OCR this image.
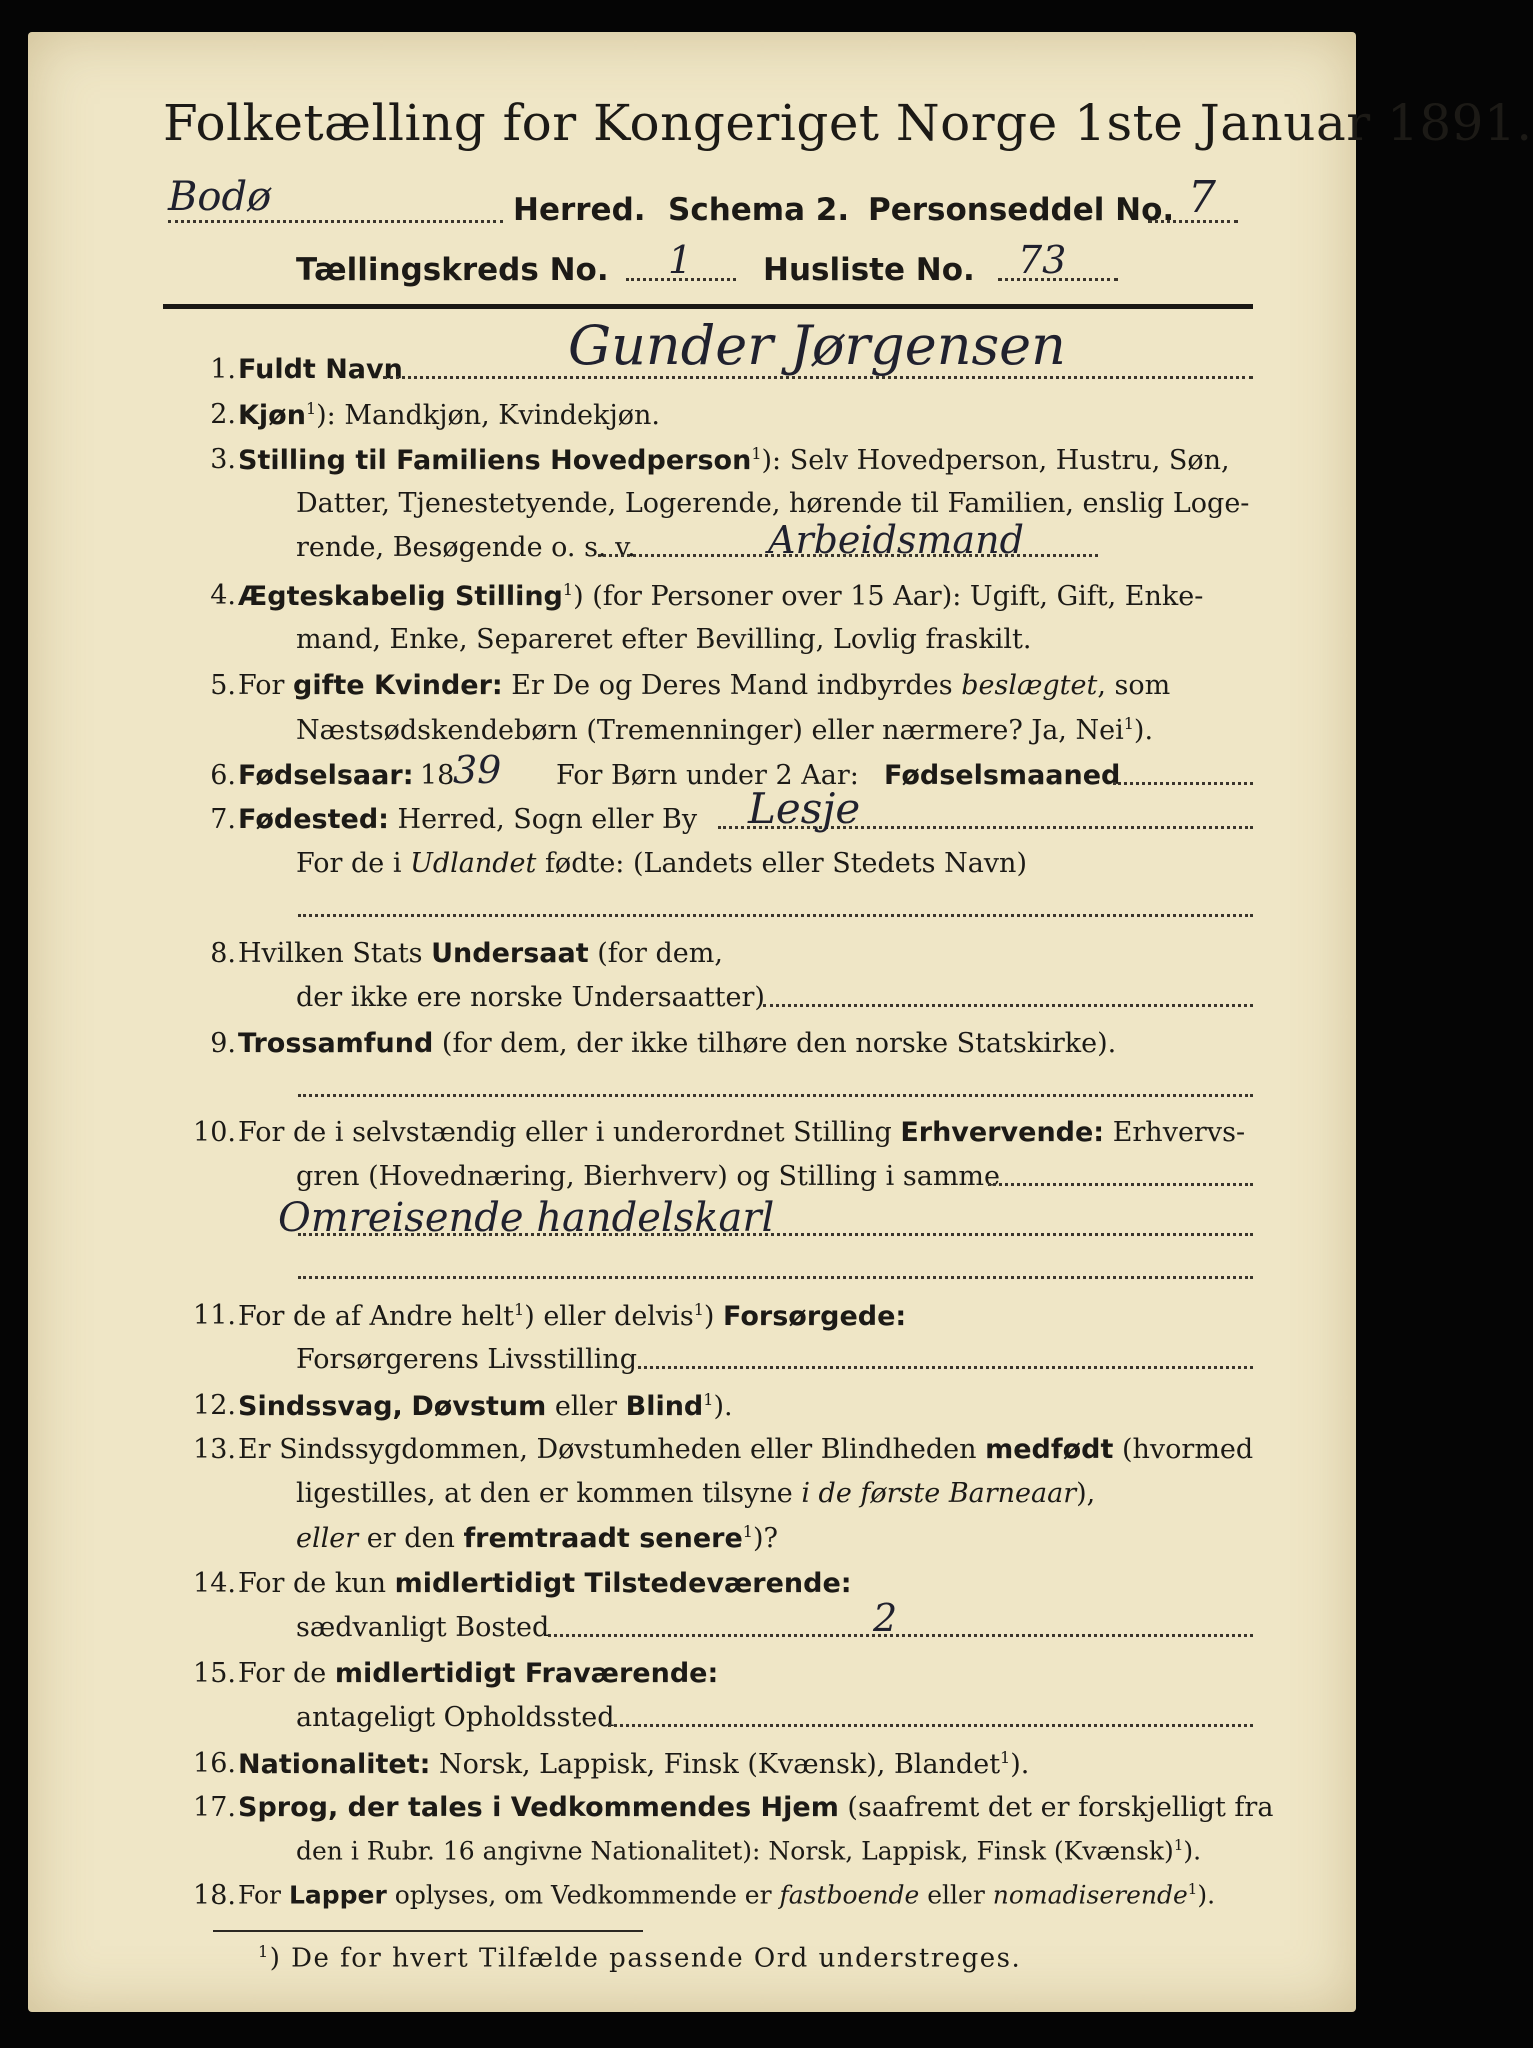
Folketælling for Kongeriget Norge 1ste Januar 1891.
Bodø	Herred. Schema 2. Personseddel No. 7
Tællingskreds No. 1 Husliste No. 73
1. Fuldt Navn	Gunder Jørgensen
2. Kjøn$^1$): Mandkjøn, Kvindekjøn.
3. Stilling til Familiens Hovedperson$^1$): Selv Hovedperson, Hustru, Søn,
Datter, Tjenestetyende, Logerende, hørende til Familien, enslig Loge-
rende, Besøgende o. s. v.	Arbeidsmand
4. Ægteskabelig Stilling$^1$) (for Personer over 15 Aar): Ugift, Gift, Enke-
mand, Enke, Separeret efter Bevilling, Lovlig fraskilt.
5. For gifte Kvinder: Er De og Deres Mand indbyrdes beslægtet, som
Næstsødskendebørn (Tremenninger) eller nærmere? Ja, Nei$^1$).
6. Fødselsaar: 18
39 For Børn under 2 Aar: Fødselsmaaned
7. Fødested: Herred, Sogn eller By Lesje
For de i Udlandet fødte: (Landets eller Stedets Navn)
8. Hvilken Stats Undersaat (for dem,
der ikke ere norske Undersaatter)
9. Trossamfund (for dem, der ikke tilhøre den norske Statskirke).
10. For de i selvstændig eller i underordnet Stilling Erhvervende: Erhvervs-
gren (Hovednæring, Bierhverv) og Stilling i samme
Omreisende handelskarl
11. For de af Andre helt$^1$) eller delvis$^1$) Forsørgede:
Forsørgerens Livsstilling
12. Sindssvag, Døvstum eller Blind$^1$).
13. Er Sindssygdommen, Døvstumheden eller Blindheden medfødt (hvormed
ligestilles, at den er kommen tilsyne i de første Barneaar),
eller er den fremtraadt senere$^1$)?
14. For de kun midlertidigt Tilstedeværende:
sædvanligt Bosted	2
15. For de midlertidigt Fraværende:
antageligt Opholdssted
16. Nationalitet: Norsk, Lappisk, Finsk (Kvænsk), Blandet$^1$).
17. Sprog, der tales i Vedkommendes Hjem (saafremt det er forskjelligt fra
den i Rubr. 16 angivne Nationalitet): Norsk, Lappisk, Finsk (Kvænsk)$^1$).
18. For Lapper oplyses, om Vedkommende er fastboende eller nomadiserende$^1$).
$^1$) De for hvert Tilfælde passende Ord understreges.
